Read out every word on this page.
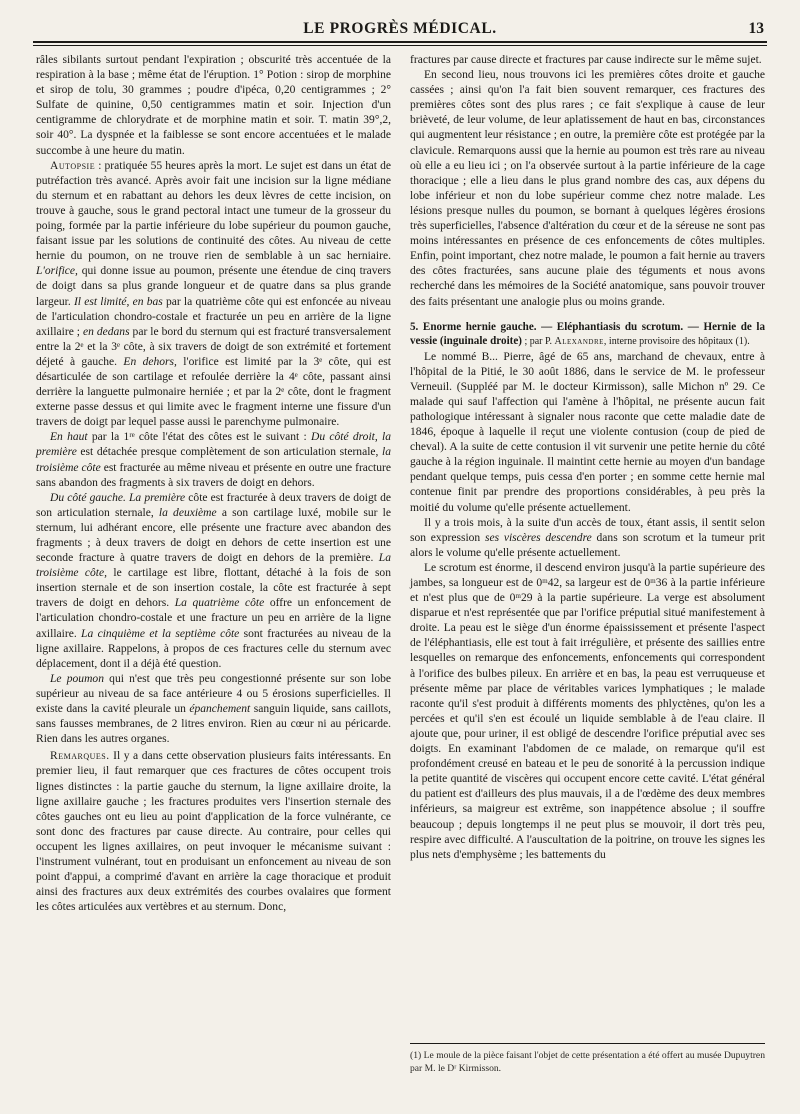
LE PROGRÈS MÉDICAL.	13

râles sibilants surtout pendant l'expiration ; obscurité très accentuée de la respiration à la base ; même état de l'éruption. 1° Potion : sirop de morphine et sirop de tolu, 30 grammes ; poudre d'ipéca, 0,20 centigrammes ; 2° Sulfate de quinine, 0,50 centigrammes matin et soir. Injection d'un centigramme de chlorydrate et de morphine matin et soir. T. matin 39°,2, soir 40°. La dyspnée et la faiblesse se sont encore accentuées et le malade succombe à une heure du matin.

Autopsie : pratiquée 55 heures après la mort. Le sujet est dans un état de putréfaction très avancé. Après avoir fait une incision sur la ligne médiane du sternum et en rabattant au dehors les deux lèvres de cette incision, on trouve à gauche, sous le grand pectoral intact une tumeur de la grosseur du poing, formée par la partie inférieure du lobe supérieur du poumon gauche, faisant issue par les solutions de continuité des côtes. Au niveau de cette hernie du poumon, on ne trouve rien de semblable à un sac herniaire. L'orifice, qui donne issue au poumon, présente une étendue de cinq travers de doigt dans sa plus grande longueur et de quatre dans sa plus grande largeur. Il est limité, en bas par la quatrième côte qui est enfoncée au niveau de l'articulation chondro-costale et fracturée un peu en arrière de la ligne axillaire ; en dedans par le bord du sternum qui est fracturé transversalement entre la 2ᵉ et la 3ᵉ côte, à six travers de doigt de son extrémité et fortement déjeté à gauche. En dehors, l'orifice est limité par la 3ᵉ côte, qui est désarticulée de son cartilage et refoulée derrière la 4ᵉ côte, passant ainsi derrière la languette pulmonaire herniée ; et par la 2ᵉ côte, dont le fragment externe passe dessus et qui limite avec le fragment interne une fissure d'un travers de doigt par lequel passe aussi le parenchyme pulmonaire.

En haut par la 1ʳᵉ côte l'état des côtes est le suivant : Du côté droit, la première est détachée presque complètement de son articulation sternale, la troisième côte est fracturée au même niveau et présente en outre une fracture sans abandon des fragments à six travers de doigt en dehors.

Du côté gauche. La première côte est fracturée à deux travers de doigt de son articulation sternale, la deuxième a son cartilage luxé, mobile sur le sternum, lui adhérant encore, elle présente une fracture avec abandon des fragments ; à deux travers de doigt en dehors de cette insertion est une seconde fracture à quatre travers de doigt en dehors de la première. La troisième côte, le cartilage est libre, flottant, détaché à la fois de son insertion sternale et de son insertion costale, la côte est fracturée à sept travers de doigt en dehors. La quatrième côte offre un enfoncement de l'articulation chondro-costale et une fracture un peu en arrière de la ligne axillaire. La cinquième et la septième côte sont fracturées au niveau de la ligne axillaire. Rappelons, à propos de ces fractures celle du sternum avec déplacement, dont il a déjà été question.

Le poumon qui n'est que très peu congestionné présente sur son lobe supérieur au niveau de sa face antérieure 4 ou 5 érosions superficielles. Il existe dans la cavité pleurale un épanchement sanguin liquide, sans caillots, sans fausses membranes, de 2 litres environ. Rien au cœur ni au péricarde. Rien dans les autres organes.

Remarques. Il y a dans cette observation plusieurs faits intéressants. En premier lieu, il faut remarquer que ces fractures de côtes occupent trois lignes distinctes : la partie gauche du sternum, la ligne axillaire droite, la ligne axillaire gauche ; les fractures produites vers l'insertion sternale des côtes gauches ont eu lieu au point d'application de la force vulnérante, ce sont donc des fractures par cause directe. Au contraire, pour celles qui occupent les lignes axillaires, on peut invoquer le mécanisme suivant : l'instrument vulnérant, tout en produisant un enfoncement au niveau de son point d'appui, a comprimé d'avant en arrière la cage thoracique et produit ainsi des fractures aux deux extrémités des courbes ovalaires que forment les côtes articulées aux vertèbres et au sternum. Donc,

fractures par cause directe et fractures par cause indirecte sur le même sujet.

En second lieu, nous trouvons ici les premières côtes droite et gauche cassées ; ainsi qu'on l'a fait bien souvent remarquer, ces fractures des premières côtes sont des plus rares ; ce fait s'explique à cause de leur brièveté, de leur volume, de leur aplatissement de haut en bas, circonstances qui augmentent leur résistance ; en outre, la première côte est protégée par la clavicule. Remarquons aussi que la hernie au poumon est très rare au niveau où elle a eu lieu ici ; on l'a observée surtout à la partie inférieure de la cage thoracique ; elle a lieu dans le plus grand nombre des cas, aux dépens du lobe inférieur et non du lobe supérieur comme chez notre malade. Les lésions presque nulles du poumon, se bornant à quelques légères érosions très superficielles, l'absence d'altération du cœur et de la séreuse ne sont pas moins intéressantes en présence de ces enfoncements de côtes multiples. Enfin, point important, chez notre malade, le poumon a fait hernie au travers des côtes fracturées, sans aucune plaie des téguments et nous avons recherché dans les mémoires de la Société anatomique, sans pouvoir trouver des faits présentant une analogie plus ou moins grande.

5. Enorme hernie gauche. — Eléphantiasis du scrotum. — Hernie de la vessie (inguinale droite) ; par P. Alexandre, interne provisoire des hôpitaux (1).

Le nommé B... Pierre, âgé de 65 ans, marchand de chevaux, entre à l'hôpital de la Pitié, le 30 août 1886, dans le service de M. le professeur Verneuil. (Suppléé par M. le docteur Kirmisson), salle Michon nº 29. Ce malade qui sauf l'affection qui l'amène à l'hôpital, ne présente aucun fait pathologique intéressant à signaler nous raconte que cette maladie date de 1846, époque à laquelle il reçut une violente contusion (coup de pied de cheval). A la suite de cette contusion il vit survenir une petite hernie du côté gauche à la région inguinale. Il maintint cette hernie au moyen d'un bandage pendant quelque temps, puis cessa d'en porter ; en somme cette hernie mal contenue finit par prendre des proportions considérables, à peu près la moitié du volume qu'elle présente actuellement.

Il y a trois mois, à la suite d'un accès de toux, étant assis, il sentit selon son expression ses viscères descendre dans son scrotum et la tumeur prit alors le volume qu'elle présente actuellement.

Le scrotum est énorme, il descend environ jusqu'à la partie supérieure des jambes, sa longueur est de 0ᵐ42, sa largeur est de 0ᵐ36 à la partie inférieure et n'est plus que de 0ᵐ29 à la partie supérieure. La verge est absolument disparue et n'est représentée que par l'orifice préputial situé manifestement à droite. La peau est le siège d'un énorme épaississement et présente l'aspect de l'éléphantiasis, elle est tout à fait irrégulière, et présente des saillies entre lesquelles on remarque des enfoncements, enfoncements qui correspondent à l'orifice des bulbes pileux. En arrière et en bas, la peau est verruqueuse et présente même par place de véritables varices lymphatiques ; le malade raconte qu'il s'est produit à différents moments des phlyctènes, qu'on les a percées et qu'il s'en est écoulé un liquide semblable à de l'eau claire. Il ajoute que, pour uriner, il est obligé de descendre l'orifice préputial avec ses doigts. En examinant l'abdomen de ce malade, on remarque qu'il est profondément creusé en bateau et le peu de sonorité à la percussion indique la petite quantité de viscères qui occupent encore cette cavité. L'état général du patient est d'ailleurs des plus mauvais, il a de l'œdème des deux membres inférieurs, sa maigreur est extrême, son inappétence absolue ; il souffre beaucoup ; depuis longtemps il ne peut plus se mouvoir, il dort très peu, respire avec difficulté. A l'auscultation de la poitrine, on trouve les signes les plus nets d'emphysème ; les battements du

(1) Le moule de la pièce faisant l'objet de cette présentation a été offert au musée Dupuytren par M. le Dʳ Kirmisson.
